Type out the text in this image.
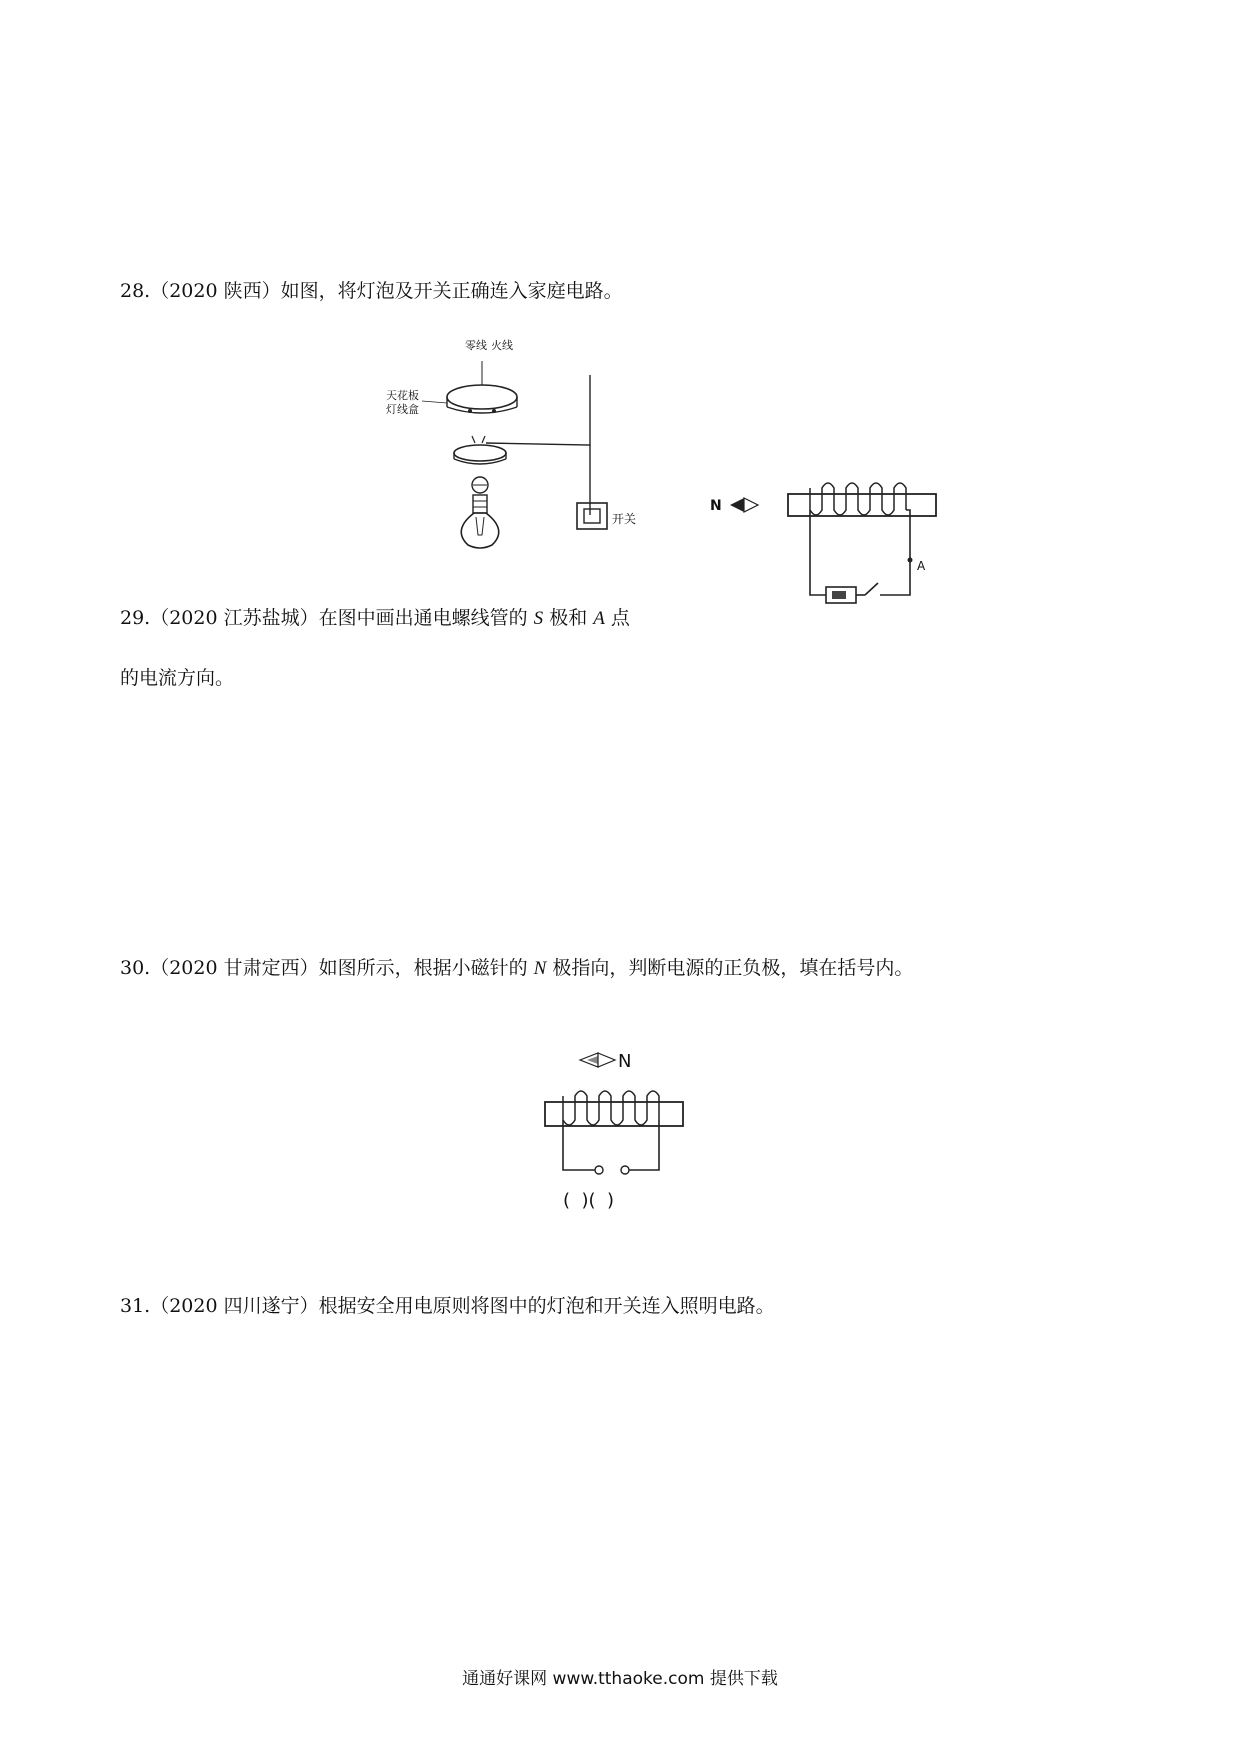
28.（2020 陕西）如图，将灯泡及开关正确连入家庭电路。
零线 火线
天花板
灯线盒
开关
N
A
29.（2020 江苏盐城）在图中画出通电螺线管的 S 极和 A 点
的电流方向。
30.（2020 甘肃定西）如图所示，根据小磁针的 N 极指向，判断电源的正负极，填在括号内。
N
(  )(  )
31.（2020 四川遂宁）根据安全用电原则将图中的灯泡和开关连入照明电路。
通通好课网 www.tthaoke.com 提供下载
